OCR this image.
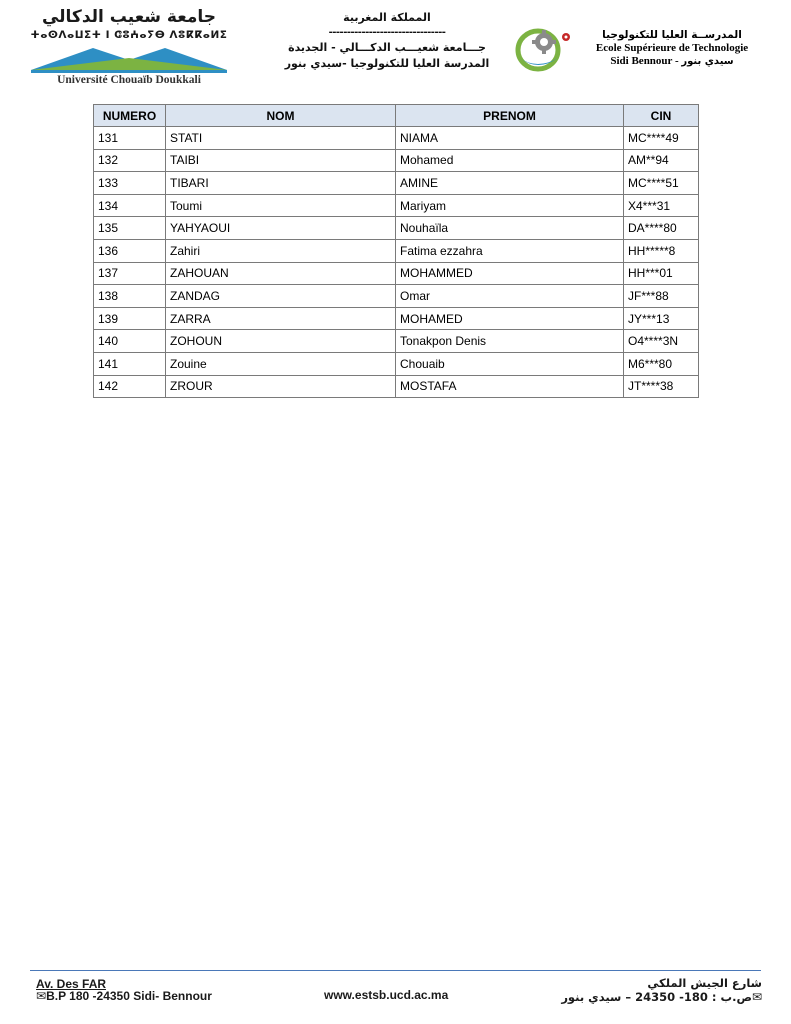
جامعة شعيب الدكالي
ⵜⴰⵙⴷⴰⵡⵉⵜ ⵏ ⵛⵓⵄⴰⵢⴱ ⴷⵓⴽⴽⴰⵍⵉ
Université Chouaïb Doukkali
المملكة المغربية
--------------------------------
جـــامعة شعيـــب الدكـــالي - الجديدة
المدرسة العليا للتكنولوجيا -سيدي بنور
المدرســة العليا للتكنولوجيا
Ecole Supérieure de Technologie
Sidi Bennour - سيدي بنور
NUMERO	NOM	PRENOM	CIN
131	STATI	NIAMA	MC****49
132	TAIBI	Mohamed	AM**94
133	TIBARI	AMINE	MC****51
134	Toumi	Mariyam	X4***31
135	YAHYAOUI	Nouhaïla	DA****80
136	Zahiri	Fatima ezzahra	HH*****8
137	ZAHOUAN	MOHAMMED	HH***01
138	ZANDAG	Omar	JF***88
139	ZARRA	MOHAMED	JY***13
140	ZOHOUN	Tonakpon Denis	O4****3N
141	Zouine	Chouaib	M6***80
142	ZROUR	MOSTAFA	JT****38
Av. Des FAR
✉B.P 180 -24350 Sidi- Bennour	www.estsb.ucd.ac.ma
شارع الجيش الملكي
ص.ب : 180- 24350 – سيدي بنور✉
